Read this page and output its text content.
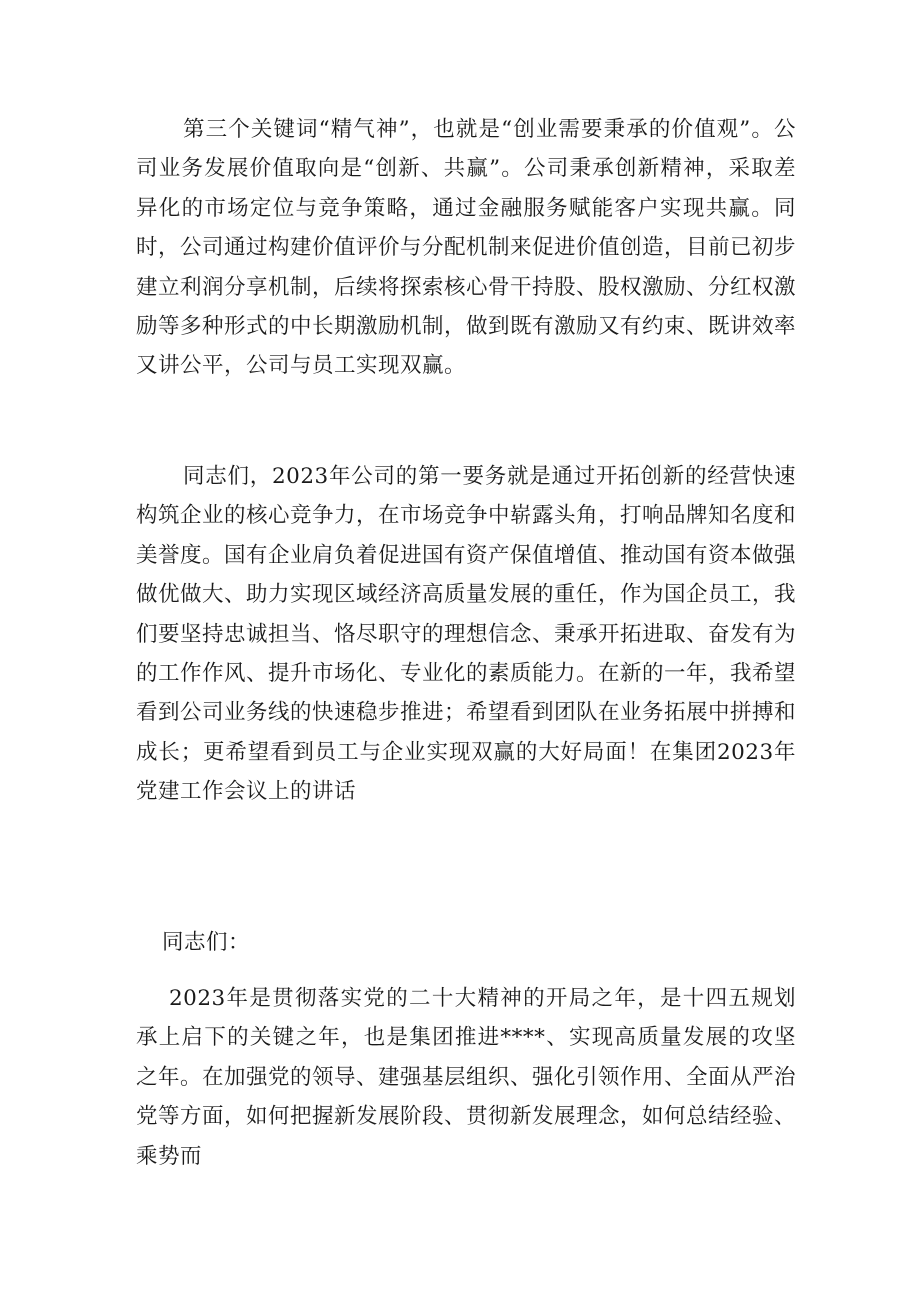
第三个关键词“精气神”，也就是“创业需要秉承的价值观”。公司业务发展价值取向是“创新、共赢”。公司秉承创新精神，采取差异化的市场定位与竞争策略，通过金融服务赋能客户实现共赢。同时，公司通过构建价值评价与分配机制来促进价值创造，目前已初步建立利润分享机制，后续将探索核心骨干持股、股权激励、分红权激励等多种形式的中长期激励机制，做到既有激励又有约束、既讲效率又讲公平，公司与员工实现双赢。

同志们，2023年公司的第一要务就是通过开拓创新的经营快速构筑企业的核心竞争力，在市场竞争中崭露头角，打响品牌知名度和美誉度。国有企业肩负着促进国有资产保值增值、推动国有资本做强做优做大、助力实现区域经济高质量发展的重任，作为国企员工，我们要坚持忠诚担当、恪尽职守的理想信念、秉承开拓进取、奋发有为的工作作风、提升市场化、专业化的素质能力。在新的一年，我希望看到公司业务线的快速稳步推进；希望看到团队在业务拓展中拼搏和成长；更希望看到员工与企业实现双赢的大好局面！在集团2023年党建工作会议上的讲话

同志们：

2023年是贯彻落实党的二十大精神的开局之年，是十四五规划承上启下的关键之年，也是集团推进****、实现高质量发展的攻坚之年。在加强党的领导、建强基层组织、强化引领作用、全面从严治党等方面，如何把握新发展阶段、贯彻新发展理念，如何总结经验、乘势而
